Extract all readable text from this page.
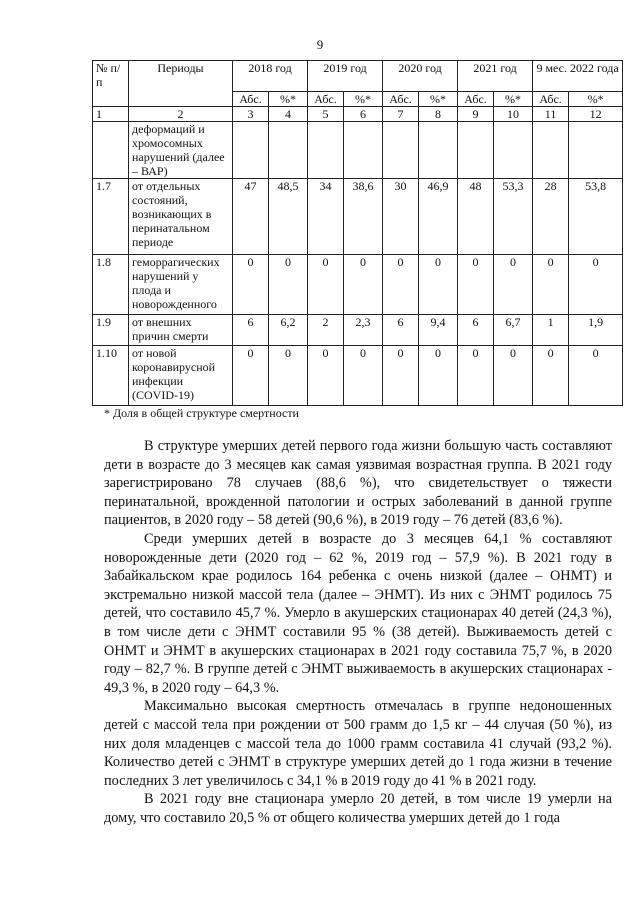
9
№ п/п	Периоды	2018 год		2019 год		2020 год		2021 год		9 мес. 2022 года	
		Абс.	%*	Абс.	%*	Абс.	%*	Абс.	%*	Абс.	%*
1	2	3	4	5	6	7	8	9	10	11	12
	деформаций и хромосомных нарушений (далее – ВАР)										
1.7	от отдельных состояний, возникающих в перинатальном периоде	47	48,5	34	38,6	30	46,9	48	53,3	28	53,8
1.8	геморрагических нарушений у плода и новорожденного	0	0	0	0	0	0	0	0	0	0
1.9	от внешних причин смерти	6	6,2	2	2,3	6	9,4	6	6,7	1	1,9
1.10	от новой коронавирусной инфекции (COVID-19)	0	0	0	0	0	0	0	0	0	0
* Доля в общей структуре смертности

В структуре умерших детей первого года жизни большую часть составляют дети в возрасте до 3 месяцев как самая уязвимая возрастная группа. В 2021 году зарегистрировано 78 случаев (88,6 %), что свидетельствует о тяжести перинатальной, врожденной патологии и острых заболеваний в данной группе пациентов, в 2020 году – 58 детей (90,6 %), в 2019 году – 76 детей (83,6 %).

Среди умерших детей в возрасте до 3 месяцев 64,1 % составляют новорожденные дети (2020 год – 62 %, 2019 год – 57,9 %). В 2021 году в Забайкальском крае родилось 164 ребенка с очень низкой (далее – ОНМТ) и экстремально низкой массой тела (далее – ЭНМТ). Из них с ЭНМТ родилось 75 детей, что составило 45,7 %. Умерло в акушерских стационарах 40 детей (24,3 %), в том числе дети с ЭНМТ составили 95 % (38 детей). Выживаемость детей с ОНМТ и ЭНМТ в акушерских стационарах в 2021 году составила 75,7 %, в 2020 году – 82,7 %. В группе детей с ЭНМТ выживаемость в акушерских стационарах - 49,3 %, в 2020 году – 64,3 %.

Максимально высокая смертность отмечалась в группе недоношенных детей с массой тела при рождении от 500 грамм до 1,5 кг – 44 случая (50 %), из них доля младенцев с массой тела до 1000 грамм составила 41 случай (93,2 %). Количество детей с ЭНМТ в структуре умерших детей до 1 года жизни в течение последних 3 лет увеличилось с 34,1 % в 2019 году до 41 % в 2021 году.

В 2021 году вне стационара умерло 20 детей, в том числе 19 умерли на дому, что составило 20,5 % от общего количества умерших детей до 1 года
